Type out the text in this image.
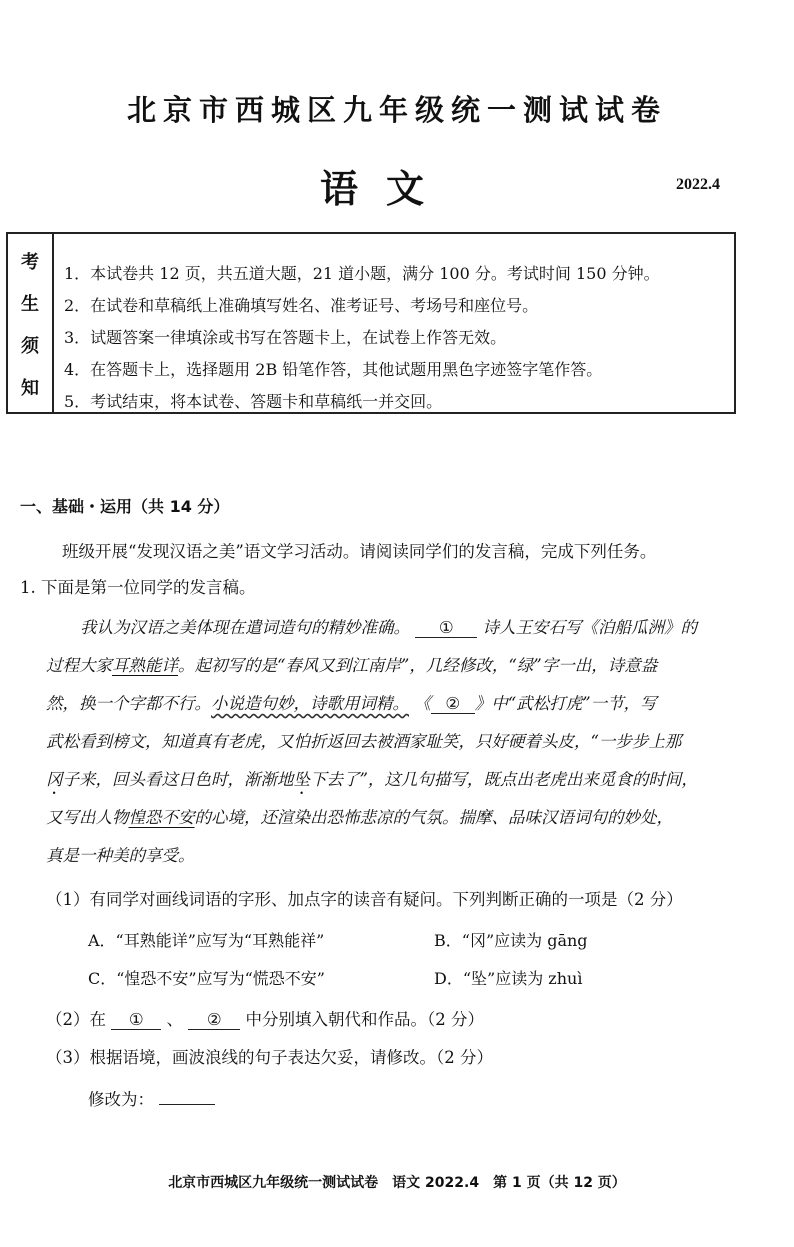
北京市西城区九年级统一测试试卷
语文	2022.4
考
生
须
知
1．本试卷共 12 页，共五道大题，21 道小题，满分 100 分。考试时间 150 分钟。
2．在试卷和草稿纸上准确填写姓名、准考证号、考场号和座位号。
3．试题答案一律填涂或书写在答题卡上，在试卷上作答无效。
4．在答题卡上，选择题用 2B 铅笔作答，其他试题用黑色字迹签字笔作答。
5．考试结束，将本试卷、答题卡和草稿纸一并交回。
一、基础・运用（共 14 分）
班级开展“发现汉语之美”语文学习活动。请阅读同学们的发言稿，完成下列任务。
1. 下面是第一位同学的发言稿。
我认为汉语之美体现在遣词造句的精妙准确。 ① 诗人王安石写《泊船瓜洲》的
过程大家耳熟能详。起初写的是“春风又到江南岸”，几经修改，“绿”字一出，诗意盎
然，换一个字都不行。小说造句妙，诗歌用词精。 《 ② 》中“武松打虎”一节，写
武松看到榜文，知道真有老虎，又怕折返回去被酒家耻笑，只好硬着头皮，“一步步上那
冈子来，回头看这日色时，渐渐地坠下去了”，这几句描写，既点出老虎出来觅食的时间，
又写出人物惶恐不安的心境，还渲染出恐怖悲凉的气氛。揣摩、品味汉语词句的妙处，
真是一种美的享受。
（1）有同学对画线词语的字形、加点字的读音有疑问。下列判断正确的一项是（2 分）
A．“耳熟能详”应写为“耳熟能祥”	B．“冈”应读为 gāng
C．“惶恐不安”应写为“慌恐不安”	D．“坠”应读为 zhuì
（2）在 ① 、 ② 中分别填入朝代和作品。（2 分）
（3）根据语境，画波浪线的句子表达欠妥，请修改。（2 分）
修改为：
北京市西城区九年级统一测试试卷　语文 2022.4　第 1 页（共 12 页）
